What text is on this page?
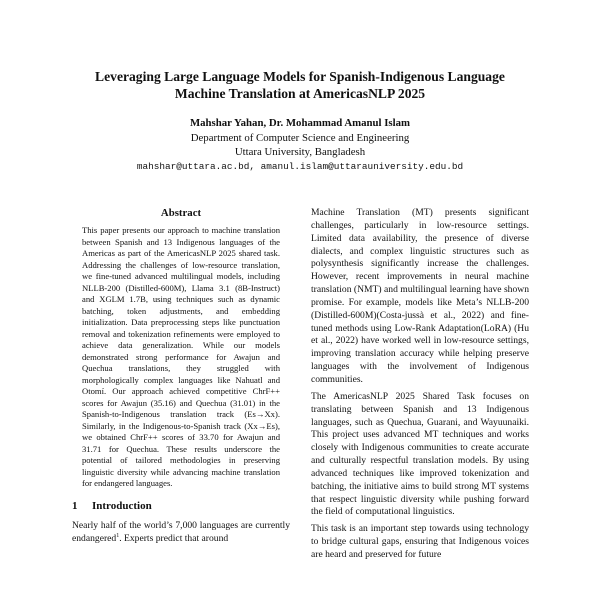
Leveraging Large Language Models for Spanish-Indigenous Language
Machine Translation at AmericasNLP 2025
Mahshar Yahan, Dr. Mohammad Amanul Islam
Department of Computer Science and Engineering
Uttara University, Bangladesh
mahshar@uttara.ac.bd, amanul.islam@uttarauniversity.edu.bd
Abstract
This paper presents our approach to machine translation between Spanish and 13 Indigenous languages of the Americas as part of the AmericasNLP 2025 shared task. Addressing the challenges of low-resource translation, we fine-tuned advanced multilingual models, including NLLB-200 (Distilled-600M), Llama 3.1 (8B-Instruct) and XGLM 1.7B, using techniques such as dynamic batching, token adjustments, and embedding initialization. Data preprocessing steps like punctuation removal and tokenization refinements were employed to achieve data generalization. While our models demonstrated strong performance for Awajun and Quechua translations, they struggled with morphologically complex languages like Nahuatl and Otomí. Our approach achieved competitive ChrF++ scores for Awajun (35.16) and Quechua (31.01) in the Spanish-to-Indigenous translation track (Es→Xx). Similarly, in the Indigenous-to-Spanish track (Xx→Es), we obtained ChrF++ scores of 33.70 for Awajun and 31.71 for Quechua. These results underscore the potential of tailored methodologies in preserving linguistic diversity while advancing machine translation for endangered languages.
1 Introduction

Nearly half of the world’s 7,000 languages are currently endangered$^1$. Experts predict that around

Machine Translation (MT) presents significant challenges, particularly in low-resource settings. Limited data availability, the presence of diverse dialects, and complex linguistic structures such as polysynthesis significantly increase the challenges. However, recent improvements in neural machine translation (NMT) and multilingual learning have shown promise. For example, models like Meta’s NLLB-200 (Distilled-600M)(Costa-jussà et al., 2022) and fine-tuned methods using Low-Rank Adaptation(LoRA) (Hu et al., 2022) have worked well in low-resource settings, improving translation accuracy while helping preserve languages with the involvement of Indigenous communities.

The AmericasNLP 2025 Shared Task focuses on translating between Spanish and 13 Indigenous languages, such as Quechua, Guarani, and Wayuunaiki. This project uses advanced MT techniques and works closely with Indigenous communities to create accurate and culturally respectful translation models. By using advanced techniques like improved tokenization and batching, the initiative aims to build strong MT systems that respect linguistic diversity while pushing forward the field of computational linguistics.

This task is an important step towards using technology to bridge cultural gaps, ensuring that Indigenous voices are heard and preserved for future
